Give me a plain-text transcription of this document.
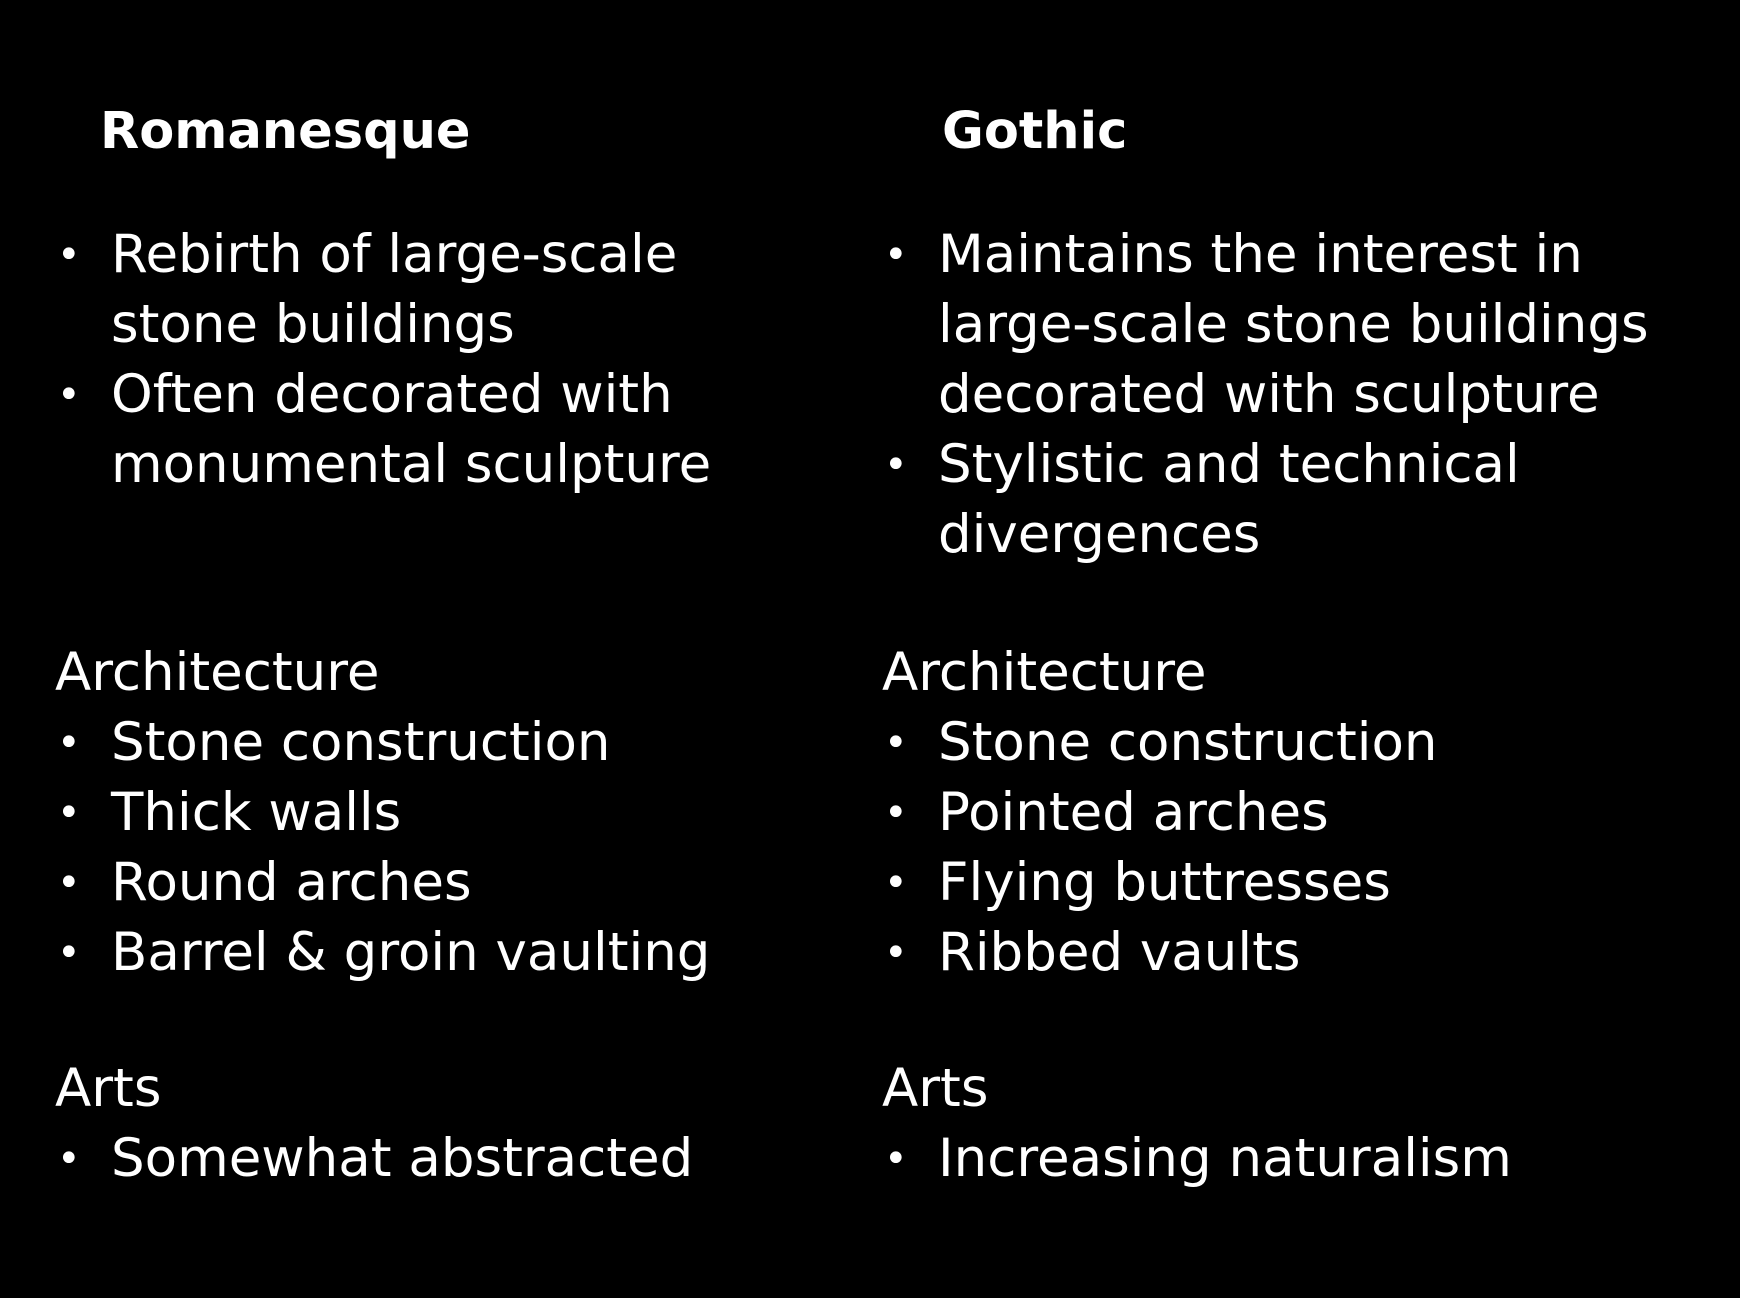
Romanesque
• Rebirth of large-scale
stone buildings
• Often decorated with
monumental sculpture
Architecture
• Stone construction
• Thick walls
• Round arches
• Barrel & groin vaulting
Arts
• Somewhat abstracted
Gothic
• Maintains the interest in
large-scale stone buildings
decorated with sculpture
• Stylistic and technical
divergences
Architecture
• Stone construction
• Pointed arches
• Flying buttresses
• Ribbed vaults
Arts
• Increasing naturalism
